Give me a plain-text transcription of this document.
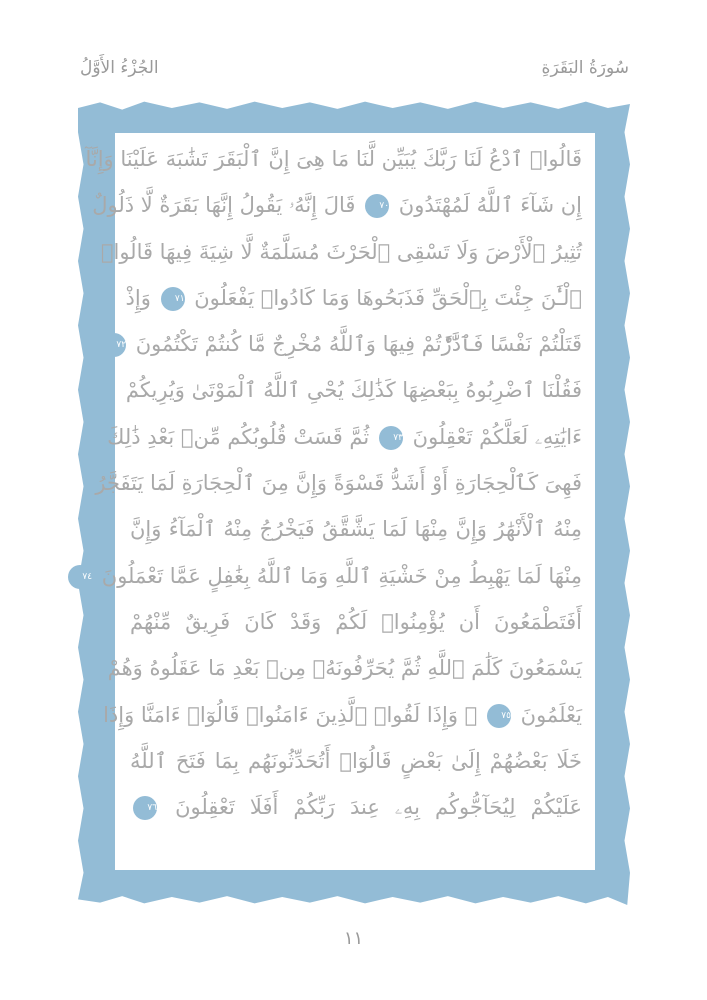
الجُزْءُ الأَوَّلُ	سُورَةُ البَقَرَةِ
قَالُوا۟ ٱدْعُ لَنَا رَبَّكَ يُبَيِّن لَّنَا مَا هِىَ إِنَّ ٱلْبَقَرَ تَشَٰبَهَ عَلَيْنَا وَإِنَّآ
إِن شَآءَ ٱللَّهُ لَمُهْتَدُونَ ٧٠ قَالَ إِنَّهُۥ يَقُولُ إِنَّهَا بَقَرَةٌ لَّا ذَلُولٌ
تُثِيرُ ٱلْأَرْضَ وَلَا تَسْقِى ٱلْحَرْثَ مُسَلَّمَةٌ لَّا شِيَةَ فِيهَا قَالُوا۟
ٱلْـَٰٔنَ جِئْتَ بِٱلْحَقِّ فَذَبَحُوهَا وَمَا كَادُوا۟ يَفْعَلُونَ ٧١ وَإِذْ
قَتَلْتُمْ نَفْسًا فَٱدَّٰرَْٰٔتُمْ فِيهَا وَٱللَّهُ مُخْرِجٌ مَّا كُنتُمْ تَكْتُمُونَ ٧٢
فَقُلْنَا ٱضْرِبُوهُ بِبَعْضِهَا كَذَٰلِكَ يُحْىِ ٱللَّهُ ٱلْمَوْتَىٰ وَيُرِيكُمْ
ءَايَٰتِهِۦ لَعَلَّكُمْ تَعْقِلُونَ ٧٣ ثُمَّ قَسَتْ قُلُوبُكُم مِّنۢ بَعْدِ ذَٰلِكَ
فَهِىَ كَٱلْحِجَارَةِ أَوْ أَشَدُّ قَسْوَةً وَإِنَّ مِنَ ٱلْحِجَارَةِ لَمَا يَتَفَجَّرُ
مِنْهُ ٱلْأَنْهَٰرُ وَإِنَّ مِنْهَا لَمَا يَشَّقَّقُ فَيَخْرُجُ مِنْهُ ٱلْمَآءُ وَإِنَّ
مِنْهَا لَمَا يَهْبِطُ مِنْ خَشْيَةِ ٱللَّهِ وَمَا ٱللَّهُ بِغَٰفِلٍ عَمَّا تَعْمَلُونَ ٧٤
أَفَتَطْمَعُونَ أَن يُؤْمِنُوا۟ لَكُمْ وَقَدْ كَانَ فَرِيقٌ مِّنْهُمْ
يَسْمَعُونَ كَلَٰمَ ٱللَّهِ ثُمَّ يُحَرِّفُونَهُۥ مِنۢ بَعْدِ مَا عَقَلُوهُ وَهُمْ
يَعْلَمُونَ ٧٥ ۞ وَإِذَا لَقُوا۟ ٱلَّذِينَ ءَامَنُوا۟ قَالُوٓا۟ ءَامَنَّا وَإِذَا
خَلَا بَعْضُهُمْ إِلَىٰ بَعْضٍ قَالُوٓا۟ أَتُحَدِّثُونَهُم بِمَا فَتَحَ ٱللَّهُ
عَلَيْكُمْ لِيُحَآجُّوكُم بِهِۦ عِندَ رَبِّكُمْ أَفَلَا تَعْقِلُونَ ٧٦
١١
